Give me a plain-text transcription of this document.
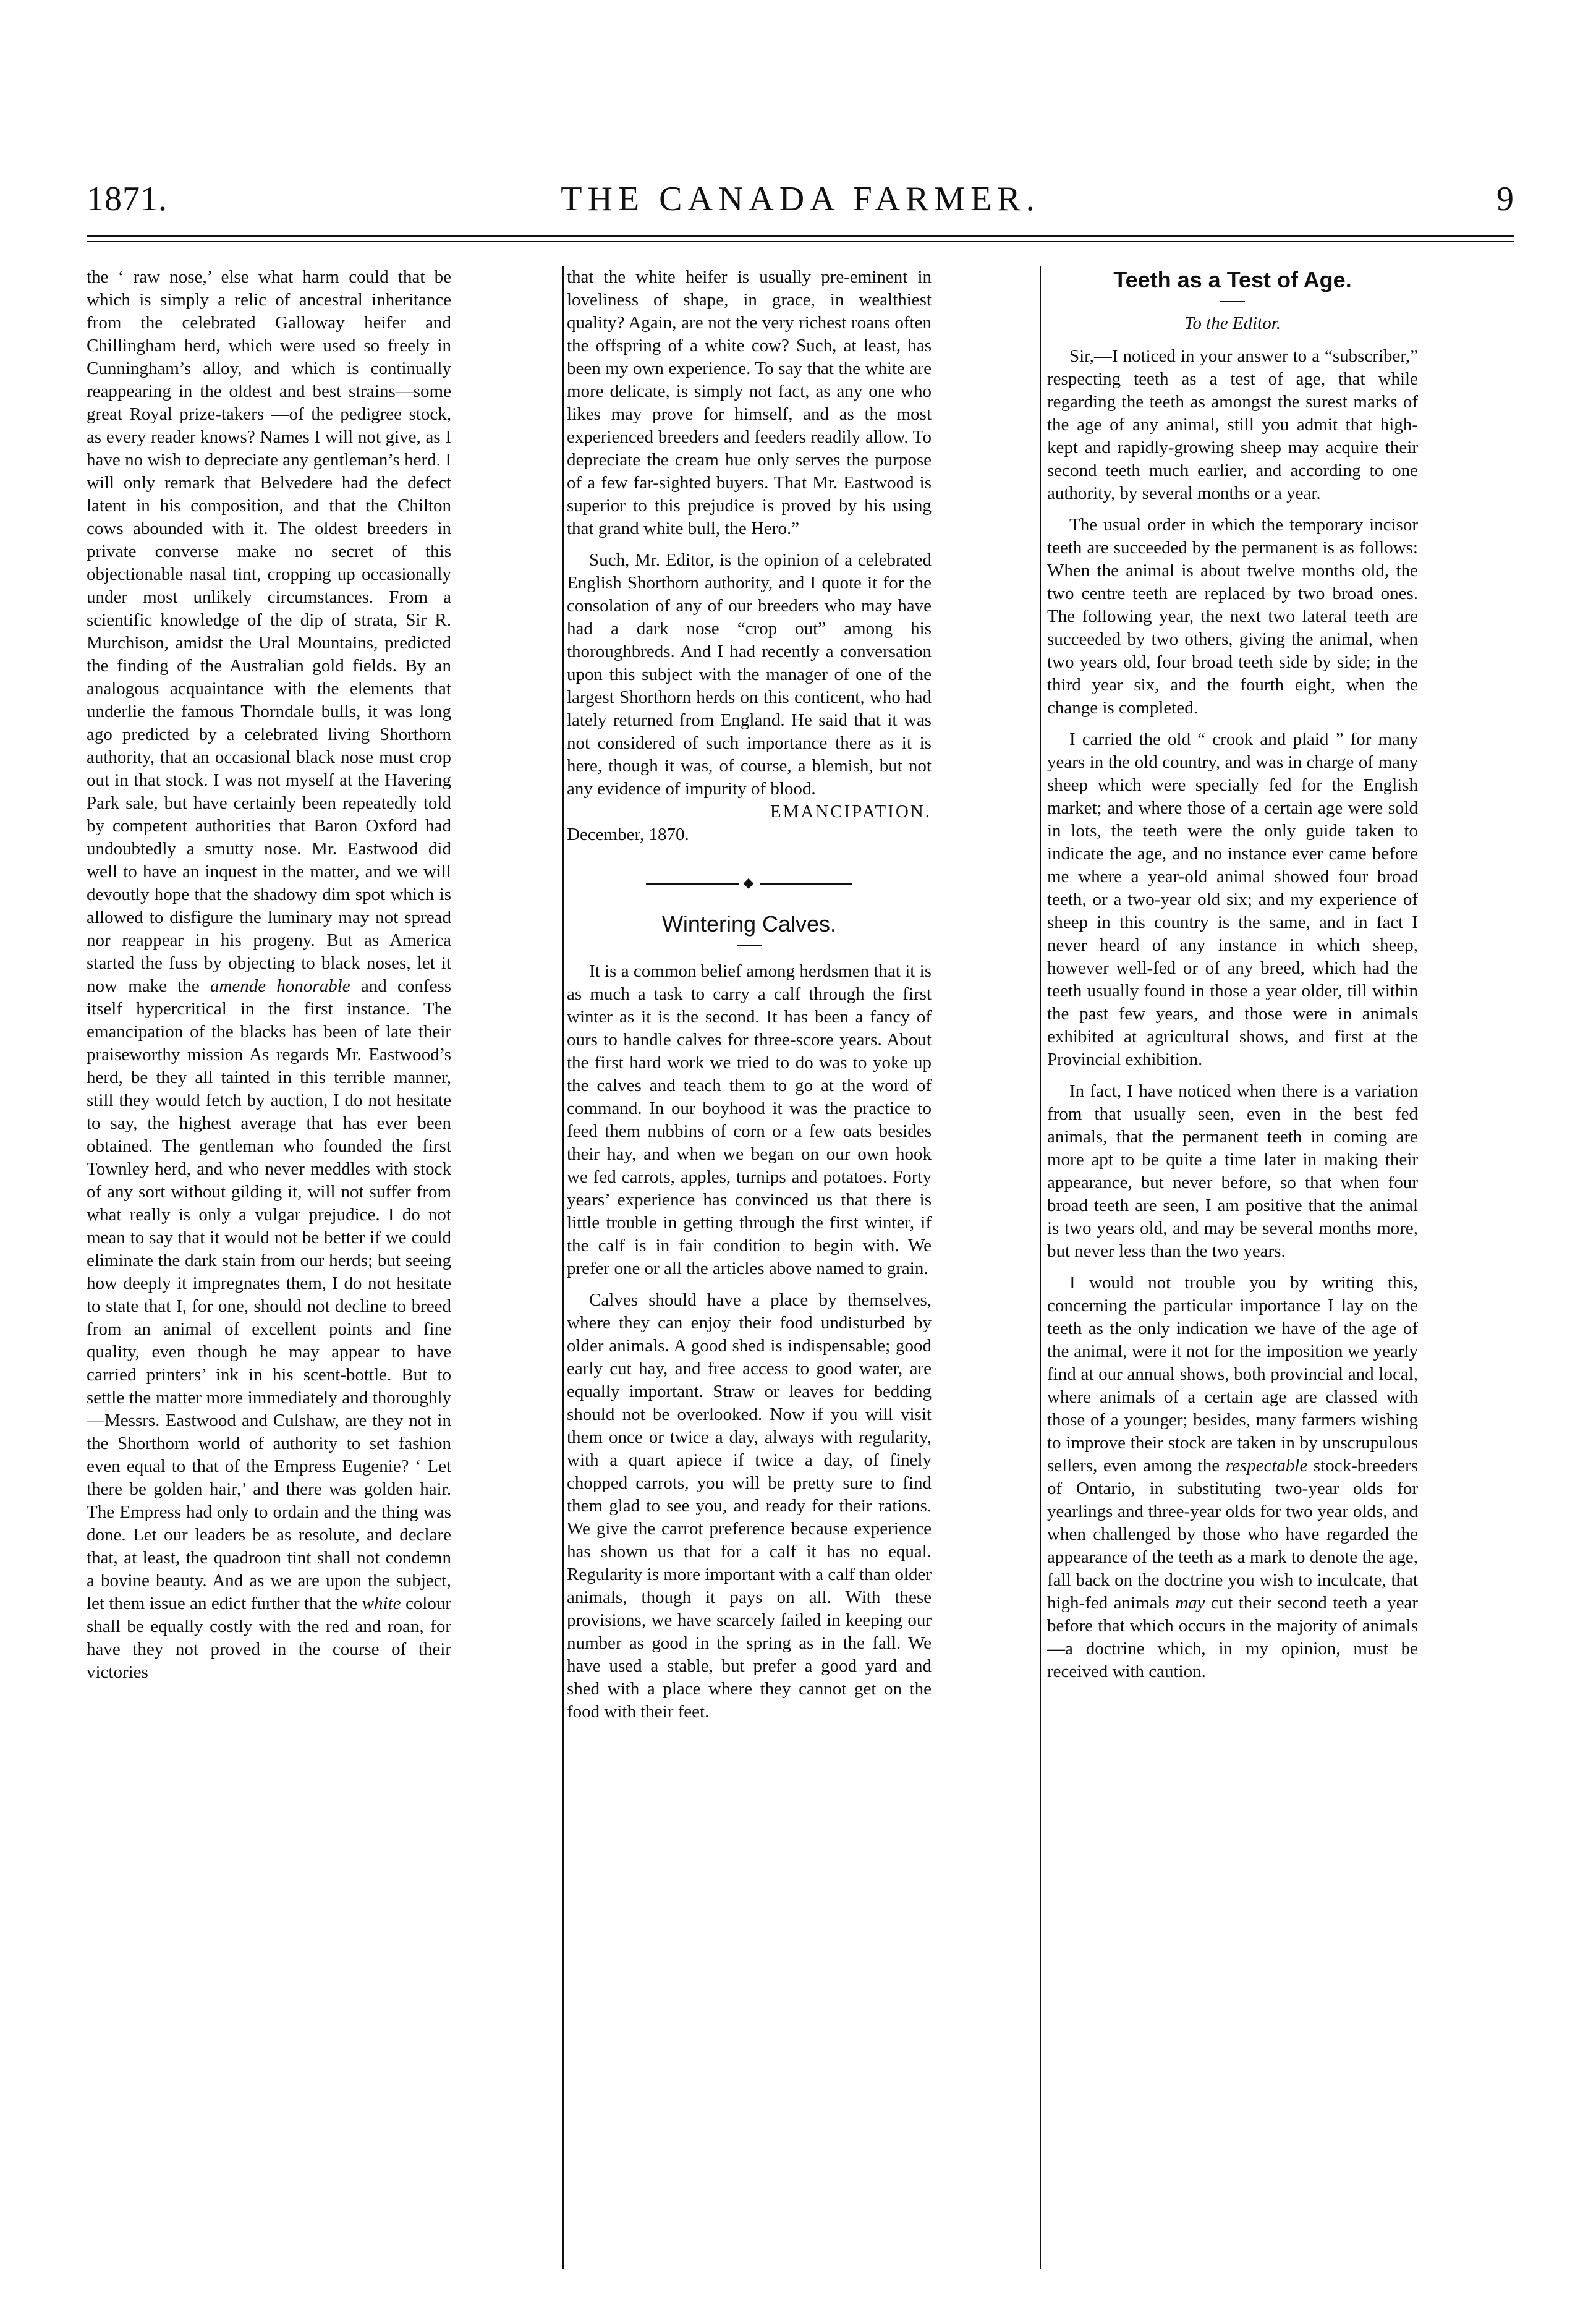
1871.	THE CANADA FARMER.	9

the ‘ raw nose,’ else what harm could that be which is simply a relic of ancestral inheritance from the celebrated Galloway heifer and Chillingham herd, which were used so freely in Cunningham’s alloy, and which is continually reappearing in the oldest and best strains—some great Royal prize-takers —of the pedigree stock, as every reader knows? Names I will not give, as I have no wish to depreciate any gentleman’s herd. I will only remark that Belvedere had the defect latent in his composition, and that the Chilton cows abounded with it. The oldest breeders in private converse make no secret of this objectionable nasal tint, cropping up occasionally under most unlikely circumstances. From a scientific knowledge of the dip of strata, Sir R. Murchison, amidst the Ural Mountains, predicted the finding of the Australian gold fields. By an analogous acquaintance with the elements that underlie the famous Thorndale bulls, it was long ago predicted by a celebrated living Shorthorn authority, that an occasional black nose must crop out in that stock. I was not myself at the Havering Park sale, but have certainly been repeatedly told by competent authorities that Baron Oxford had undoubtedly a smutty nose. Mr. Eastwood did well to have an inquest in the matter, and we will devoutly hope that the shadowy dim spot which is allowed to disfigure the luminary may not spread nor reappear in his progeny. But as America started the fuss by objecting to black noses, let it now make the amende honorable and confess itself hypercritical in the first instance. The emancipation of the blacks has been of late their praiseworthy mission As regards Mr. Eastwood’s herd, be they all tainted in this terrible manner, still they would fetch by auction, I do not hesitate to say, the highest average that has ever been obtained. The gentleman who founded the first Townley herd, and who never meddles with stock of any sort without gilding it, will not suffer from what really is only a vulgar prejudice. I do not mean to say that it would not be better if we could eliminate the dark stain from our herds; but seeing how deeply it impregnates them, I do not hesitate to state that I, for one, should not decline to breed from an animal of excellent points and fine quality, even though he may appear to have carried printers’ ink in his scent-bottle. But to settle the matter more immediately and thoroughly—Messrs. Eastwood and Culshaw, are they not in the Shorthorn world of authority to set fashion even equal to that of the Empress Eugenie? ‘ Let there be golden hair,’ and there was golden hair. The Empress had only to ordain and the thing was done. Let our leaders be as resolute, and declare that, at least, the quadroon tint shall not condemn a bovine beauty. And as we are upon the subject, let them issue an edict further that the white colour shall be equally costly with the red and roan, for have they not proved in the course of their victories

that the white heifer is usually pre-eminent in loveliness of shape, in grace, in wealthiest quality? Again, are not the very richest roans often the offspring of a white cow? Such, at least, has been my own experience. To say that the white are more delicate, is simply not fact, as any one who likes may prove for himself, and as the most experienced breeders and feeders readily allow. To depreciate the cream hue only serves the purpose of a few far-sighted buyers. That Mr. Eastwood is superior to this prejudice is proved by his using that grand white bull, the Hero.”

Such, Mr. Editor, is the opinion of a celebrated English Shorthorn authority, and I quote it for the consolation of any of our breeders who may have had a dark nose “crop out” among his thoroughbreds. And I had recently a conversation upon this subject with the manager of one of the largest Shorthorn herds on this conticent, who had lately returned from England. He said that it was not considered of such importance there as it is here, though it was, of course, a blemish, but not any evidence of impurity of blood.

EMANCIPATION.

December, 1870.

◆
Wintering Calves.

It is a common belief among herdsmen that it is as much a task to carry a calf through the first winter as it is the second. It has been a fancy of ours to handle calves for three-score years. About the first hard work we tried to do was to yoke up the calves and teach them to go at the word of command. In our boyhood it was the practice to feed them nubbins of corn or a few oats besides their hay, and when we began on our own hook we fed carrots, apples, turnips and potatoes. Forty years’ experience has convinced us that there is little trouble in getting through the first winter, if the calf is in fair condition to begin with. We prefer one or all the articles above named to grain.

Calves should have a place by themselves, where they can enjoy their food undisturbed by older animals. A good shed is indispensable; good early cut hay, and free access to good water, are equally important. Straw or leaves for bedding should not be overlooked. Now if you will visit them once or twice a day, always with regularity, with a quart apiece if twice a day, of finely chopped carrots, you will be pretty sure to find them glad to see you, and ready for their rations. We give the carrot preference because experience has shown us that for a calf it has no equal. Regularity is more important with a calf than older animals, though it pays on all. With these provisions, we have scarcely failed in keeping our number as good in the spring as in the fall. We have used a stable, but prefer a good yard and shed with a place where they cannot get on the food with their feet.

Teeth as a Test of Age.
To the Editor.

Sir,—I noticed in your answer to a “subscriber,” respecting teeth as a test of age, that while regarding the teeth as amongst the surest marks of the age of any animal, still you admit that high-kept and rapidly-growing sheep may acquire their second teeth much earlier, and according to one authority, by several months or a year.

The usual order in which the temporary incisor teeth are succeeded by the permanent is as follows: When the animal is about twelve months old, the two centre teeth are replaced by two broad ones. The following year, the next two lateral teeth are succeeded by two others, giving the animal, when two years old, four broad teeth side by side; in the third year six, and the fourth eight, when the change is completed.

I carried the old “ crook and plaid ” for many years in the old country, and was in charge of many sheep which were specially fed for the English market; and where those of a certain age were sold in lots, the teeth were the only guide taken to indicate the age, and no instance ever came before me where a year-old animal showed four broad teeth, or a two-year old six; and my experience of sheep in this country is the same, and in fact I never heard of any instance in which sheep, however well-fed or of any breed, which had the teeth usually found in those a year older, till within the past few years, and those were in animals exhibited at agricultural shows, and first at the Provincial exhibition.

In fact, I have noticed when there is a variation from that usually seen, even in the best fed animals, that the permanent teeth in coming are more apt to be quite a time later in making their appearance, but never before, so that when four broad teeth are seen, I am positive that the animal is two years old, and may be several months more, but never less than the two years.

I would not trouble you by writing this, concerning the particular importance I lay on the teeth as the only indication we have of the age of the animal, were it not for the imposition we yearly find at our annual shows, both provincial and local, where animals of a certain age are classed with those of a younger; besides, many farmers wishing to improve their stock are taken in by unscrupulous sellers, even among the respectable stock-breeders of Ontario, in substituting two-year olds for yearlings and three-year olds for two year olds, and when challenged by those who have regarded the appearance of the teeth as a mark to denote the age, fall back on the doctrine you wish to inculcate, that high-fed animals may cut their second teeth a year before that which occurs in the majority of animals—a doctrine which, in my opinion, must be received with caution.
